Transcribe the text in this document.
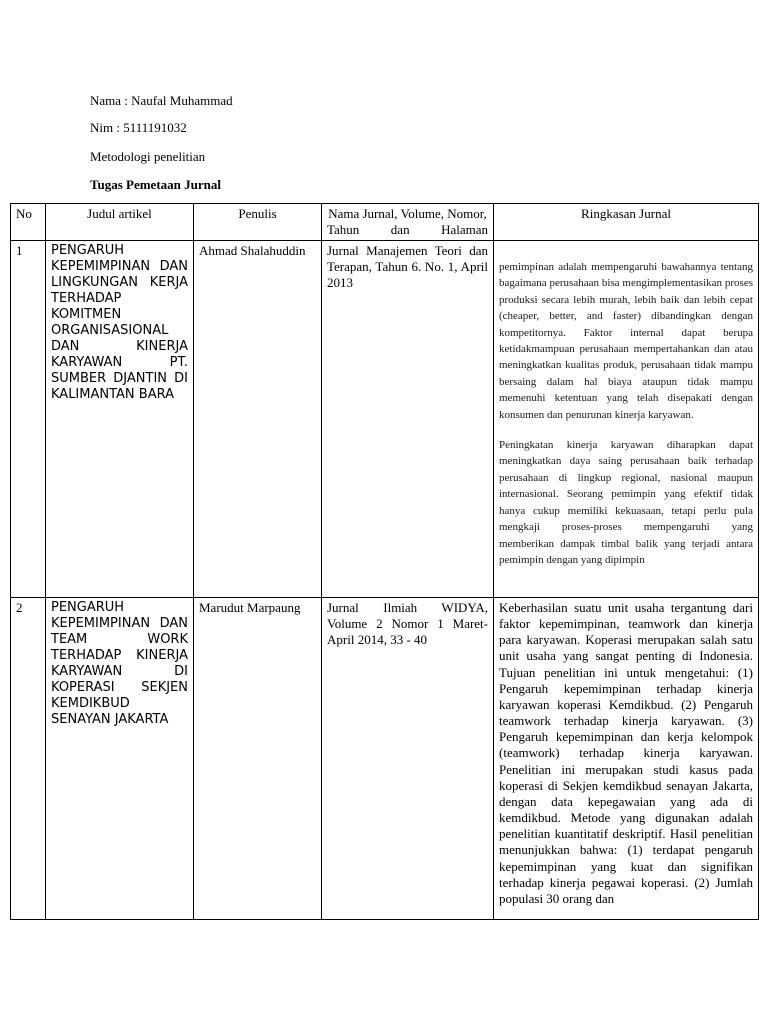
Nama : Naufal Muhammad
Nim : 5111191032
Metodologi penelitian
Tugas Pemetaan Jurnal
No	Judul artikel	Penulis	Nama Jurnal, Volume, Nomor, Tahun dan Halaman	Ringkasan Jurnal
1	PENGARUH KEPEMIMPINAN DAN LINGKUNGAN KERJA TERHADAP KOMITMEN ORGANISASIONAL DAN KINERJA KARYAWAN PT. SUMBER DJANTIN DI KALIMANTAN BARA	Ahmad Shalahuddin	Jurnal Manajemen Teori dan Terapan, Tahun 6. No. 1, April 2013	pemimpinan adalah mempengaruhi bawahannya tentang bagaimana perusahaan bisa mengimplementasikan proses produksi secara lebih murah, lebih baik dan lebih cepat (cheaper, better, and faster) dibandingkan dengan kompetitornya. Faktor internal dapat berupa ketidakmampuan perusahaan mempertahankan dan atau meningkatkan kualitas produk, perusahaan tidak mampu bersaing dalam hal biaya ataupun tidak mampu memenuhi ketentuan yang telah disepakati dengan konsumen dan penurunan kinerja karyawan.

Peningkatan kinerja karyawan diharapkan dapat meningkatkan daya saing perusahaan baik terhadap perusahaan di lingkup regional, nasional maupun internasional. Seorang pemimpin yang efektif tidak hanya cukup memiliki kekuasaan, tetapi perlu pula mengkaji proses-proses mempengaruhi yang memberikan dampak timbal balik yang terjadi antara pemimpin dengan yang dipimpin

2	PENGARUH KEPEMIMPINAN DAN TEAM WORK TERHADAP KINERJA KARYAWAN DI KOPERASI SEKJEN KEMDIKBUD SENAYAN JAKARTA	Marudut Marpaung	Jurnal Ilmiah WIDYA, Volume 2 Nomor 1 Maret-April 2014, 33 - 40	Keberhasilan suatu unit usaha tergantung dari faktor kepemimpinan, teamwork dan kinerja para karyawan. Koperasi merupakan salah satu unit usaha yang sangat penting di Indonesia. Tujuan penelitian ini untuk mengetahui: (1) Pengaruh kepemimpinan terhadap kinerja karyawan koperasi Kemdikbud. (2) Pengaruh teamwork terhadap kinerja karyawan. (3) Pengaruh kepemimpinan dan kerja kelompok (teamwork) terhadap kinerja karyawan. Penelitian ini merupakan studi kasus pada koperasi di Sekjen kemdikbud senayan Jakarta, dengan data kepegawaian yang ada di kemdikbud. Metode yang digunakan adalah penelitian kuantitatif deskriptif. Hasil penelitian menunjukkan bahwa: (1) terdapat pengaruh kepemimpinan yang kuat dan signifikan terhadap kinerja pegawai koperasi. (2) Jumlah populasi 30 orang dan
